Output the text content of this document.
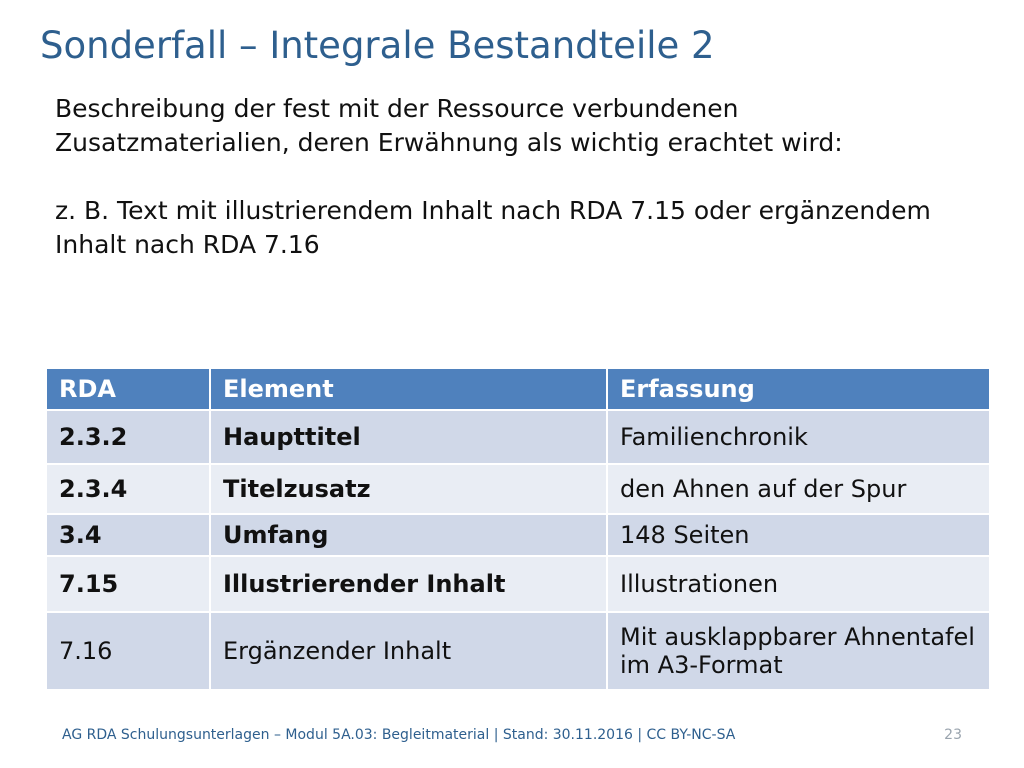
Sonderfall – Integrale Bestandteile 2

Beschreibung der fest mit der Ressource verbundenen Zusatzmaterialien, deren Erwähnung als wichtig erachtet wird:

z. B. Text mit illustrierendem Inhalt nach RDA 7.15 oder ergänzendem Inhalt nach RDA 7.16

RDA	Element	Erfassung
2.3.2	Haupttitel	Familienchronik
2.3.4	Titelzusatz	den Ahnen auf der Spur
3.4	Umfang	148 Seiten
7.15	Illustrierender Inhalt	Illustrationen
7.16	Ergänzender Inhalt	Mit ausklappbarer Ahnentafel im A3-Format
AG RDA Schulungsunterlagen – Modul 5A.03: Begleitmaterial | Stand: 30.11.2016 | CC BY-NC-SA	23
